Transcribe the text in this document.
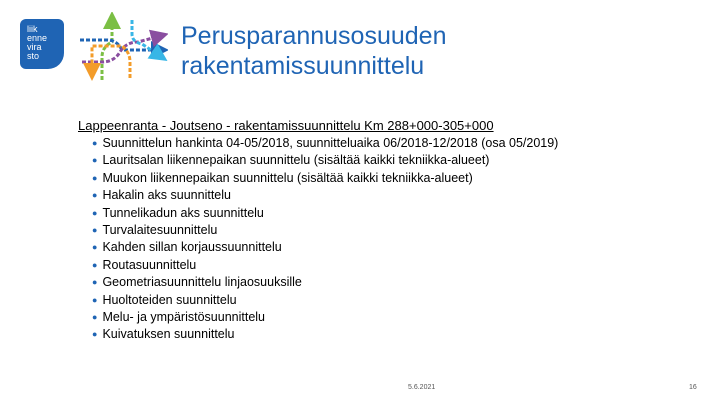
liik
enne
vira
sto
Perusparannusosuuden
rakentamissuunnittelu
Lappeenranta - Joutseno - rakentamissuunnittelu Km 288+000-305+000
● Suunnittelun hankinta 04-05/2018, suunnitteluaika 06/2018-12/2018 (osa 05/2019)
● Lauritsalan liikennepaikan suunnittelu (sisältää kaikki tekniikka-alueet)
● Muukon liikennepaikan suunnittelu (sisältää kaikki tekniikka-alueet)
● Hakalin aks suunnittelu
● Tunnelikadun aks suunnittelu
● Turvalaitesuunnittelu
● Kahden sillan korjaussuunnittelu
● Routasuunnittelu
● Geometriasuunnittelu linjaosuuksille
● Huoltoteiden suunnittelu
● Melu- ja ympäristösuunnittelu
● Kuivatuksen suunnittelu
5.6.2021	16
